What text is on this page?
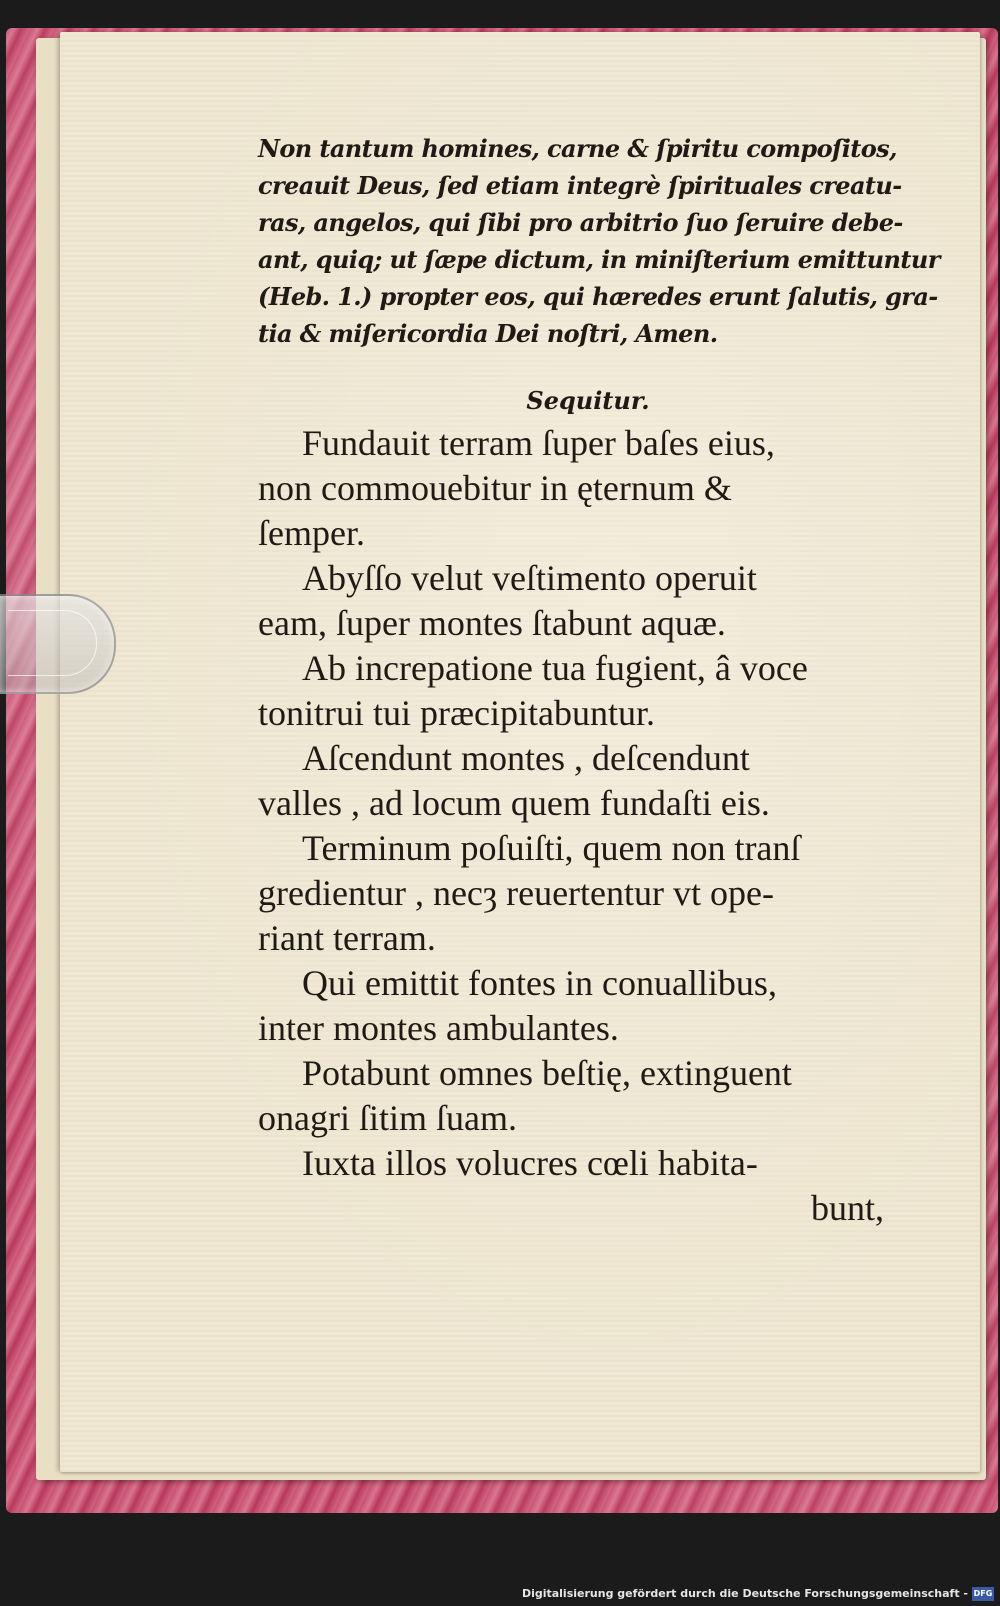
Non tantum homines, carne & ſpiritu compoſitos,
creauit Deus, ſed etiam integrè ſpirituales creatu-
ras, angelos, qui ſibi pro arbitrio ſuo ſeruire debe-
ant, quiq; ut ſæpe dictum, in miniſterium emittuntur
(Heb. 1.) propter eos, qui hæredes erunt ſalutis, gra-
tia & miſericordia Dei noſtri, Amen.

Sequitur.
Fundauit terram ſuper baſes eius,
non commouebitur in ęternum &
ſemper.
Abyſſo velut veſtimento operuit
eam, ſuper montes ſtabunt aquæ.
Ab increpatione tua fugient, â voce
tonitrui tui præcipitabuntur.
Aſcendunt montes , deſcendunt
valles , ad locum quem fundaſti eis.
Terminum poſuiſti, quem non tranſ
gredientur , necȝ reuertentur vt ope-
riant terram.
Qui emittit fontes in conuallibus,
inter montes ambulantes.
Potabunt omnes beſtię, extinguent
onagri ſitim ſuam.
Iuxta illos volucres cœli habita-
bunt,
Digitalisierung gefördert durch die Deutsche Forschungsgemeinschaft - DFG
